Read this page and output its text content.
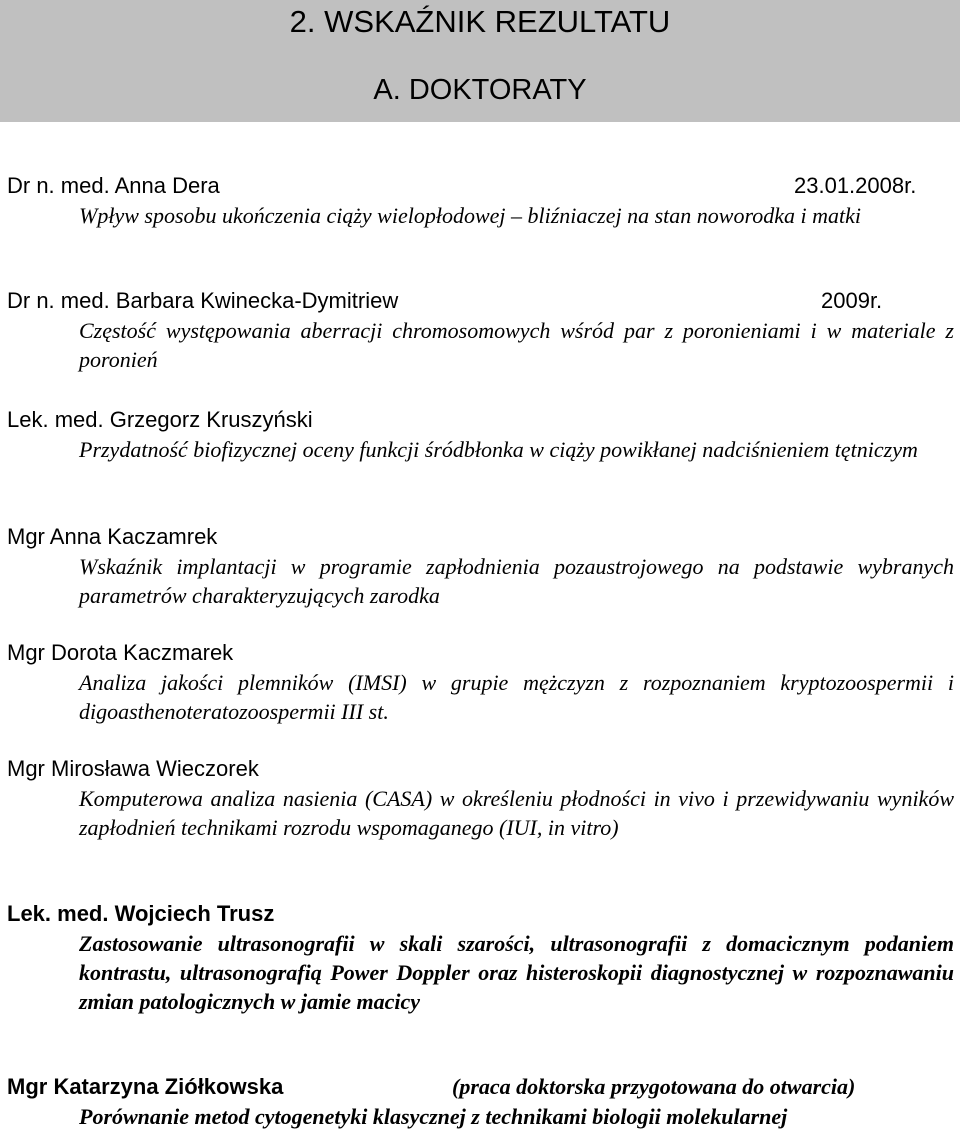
2. WSKAŹNIK REZULTATU
A. DOKTORATY
Dr n. med. Anna Dera	23.01.2008r.
Wpływ sposobu ukończenia ciąży wielopłodowej – bliźniaczej na stan noworodka i matki
Dr n. med. Barbara Kwinecka-Dymitriew	2009r.
Częstość występowania aberracji chromosomowych wśród par z poronieniami i w materiale z poronień
Lek. med. Grzegorz Kruszyński
Przydatność biofizycznej oceny funkcji śródbłonka w ciąży powikłanej nadciśnieniem tętniczym
Mgr Anna Kaczamrek
Wskaźnik implantacji w programie zapłodnienia pozaustrojowego na podstawie wybranych parametrów charakteryzujących zarodka
Mgr Dorota Kaczmarek
Analiza jakości plemników (IMSI) w grupie mężczyzn z rozpoznaniem kryptozoospermii i digoasthenoteratozoospermii III st.
Mgr Mirosława Wieczorek
Komputerowa analiza nasienia (CASA) w określeniu płodności in vivo i przewidywaniu wyników zapłodnień technikami rozrodu wspomaganego (IUI, in vitro)
Lek. med. Wojciech Trusz
Zastosowanie ultrasonografii w skali szarości, ultrasonografii z domacicznym podaniem kontrastu, ultrasonografią Power Doppler oraz histeroskopii diagnostycznej w rozpoznawaniu zmian patologicznych w jamie macicy
Mgr Katarzyna Ziółkowska	(praca doktorska przygotowana do otwarcia)
Porównanie metod cytogenetyki klasycznej z technikami biologii molekularnej
